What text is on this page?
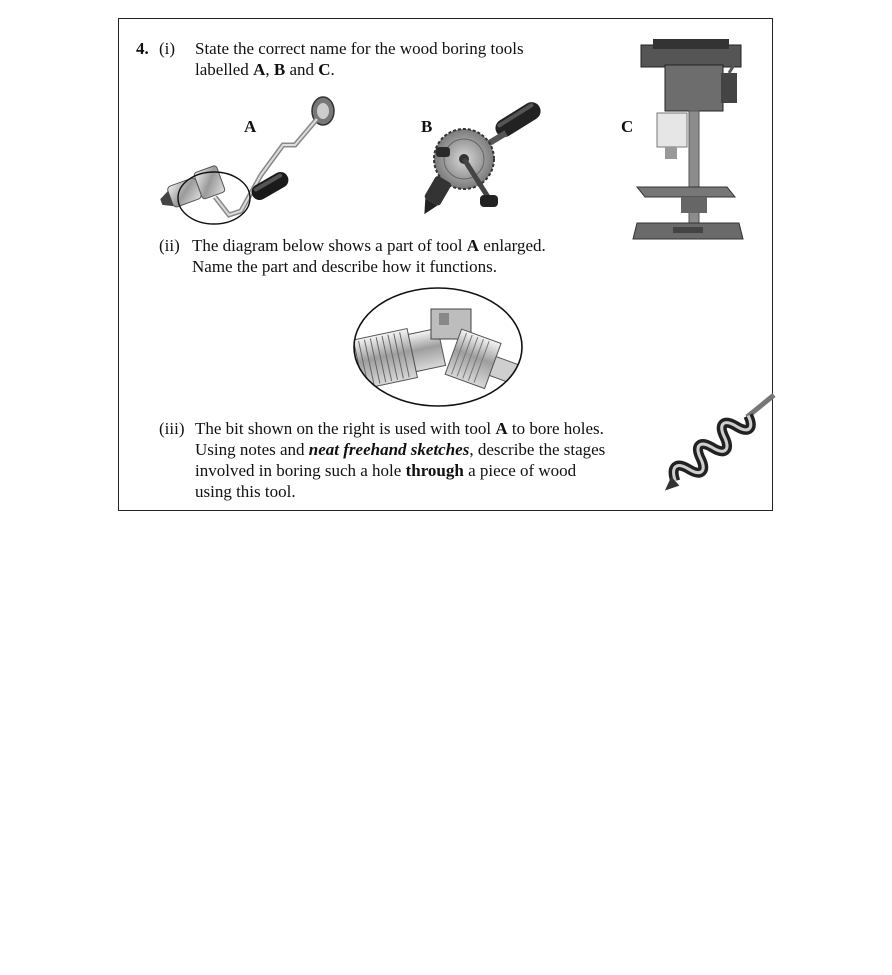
4. (i) State the correct name for the wood boring tools
labelled A, B and C.
A	B	C
(ii) The diagram below shows a part of tool A enlarged.
Name the part and describe how it functions.
(iii) The bit shown on the right is used with tool A to bore holes.
Using notes and neat freehand sketches, describe the stages
involved in boring such a hole through a piece of wood
using this tool.
